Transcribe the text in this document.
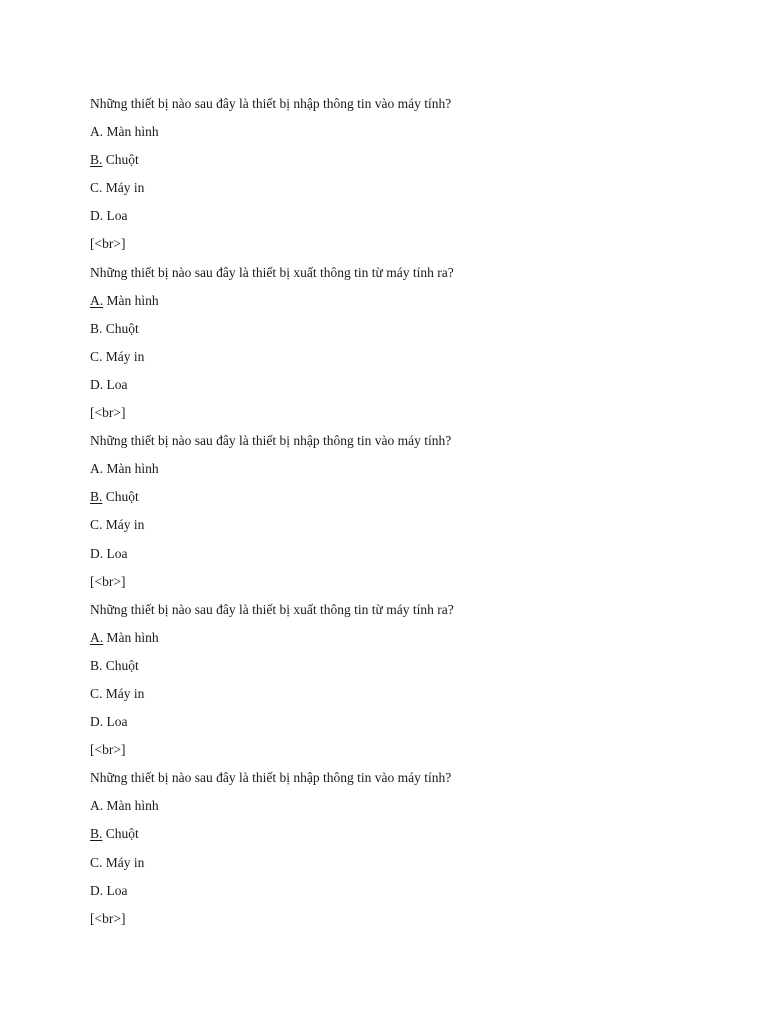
Những thiết bị nào sau đây là thiết bị nhập thông tin vào máy tính?
A. Màn hình
B. Chuột
C. Máy in
D. Loa
[<br>]
Những thiết bị nào sau đây là thiết bị xuất thông tin từ máy tính ra?
A. Màn hình
B. Chuột
C. Máy in
D. Loa
[<br>]
Những thiết bị nào sau đây là thiết bị nhập thông tin vào máy tính?
A. Màn hình
B. Chuột
C. Máy in
D. Loa
[<br>]
Những thiết bị nào sau đây là thiết bị xuất thông tin từ máy tính ra?
A. Màn hình
B. Chuột
C. Máy in
D. Loa
[<br>]
Những thiết bị nào sau đây là thiết bị nhập thông tin vào máy tính?
A. Màn hình
B. Chuột
C. Máy in
D. Loa
[<br>]
